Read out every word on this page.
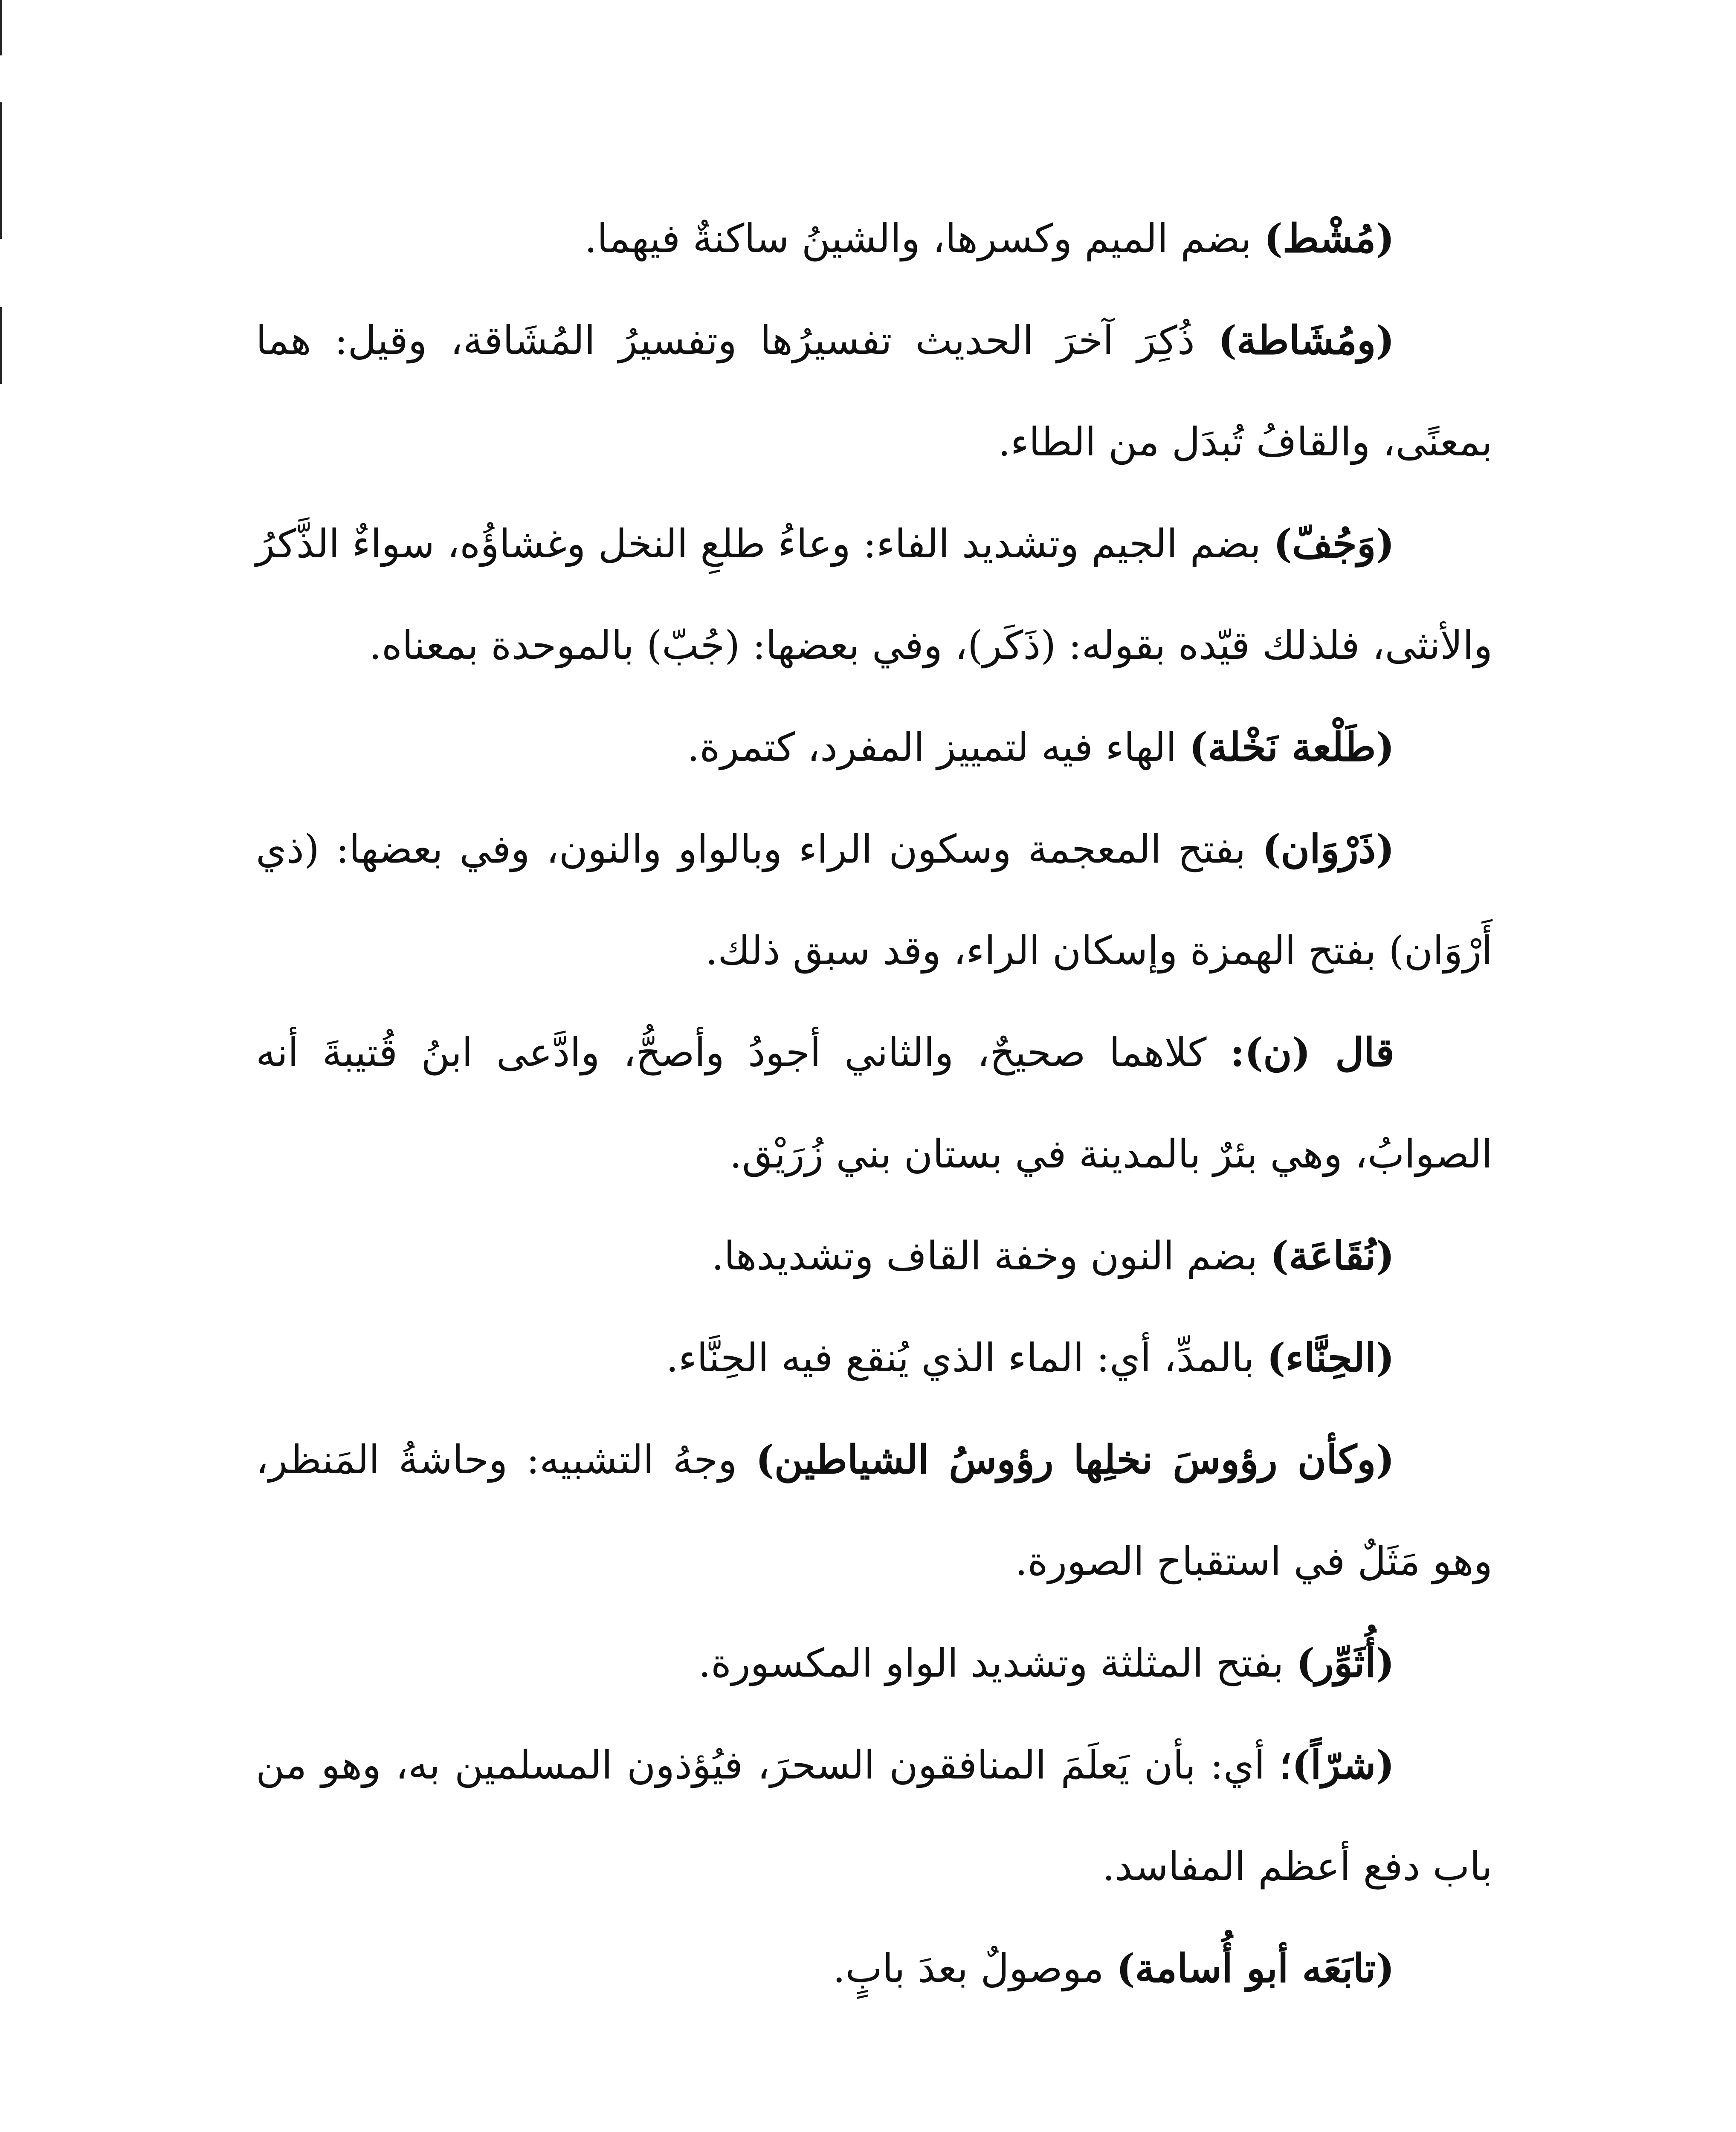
(مُشْط) بضم الميم وكسرها، والشينُ ساكنةٌ فيهما.

(ومُشَاطة) ذُكِرَ آخرَ الحديث تفسيرُها وتفسيرُ المُشَاقة، وقيل: هما بمعنًى، والقافُ تُبدَل من الطاء.

(وَجُفّ) بضم الجيم وتشديد الفاء: وعاءُ طلعِ النخل وغشاؤُه، سواءٌ الذَّكرُ والأنثى، فلذلك قيّده بقوله: (ذَكَر)، وفي بعضها: (جُبّ) بالموحدة بمعناه.

(طَلْعة نَخْلة) الهاء فيه لتمييز المفرد، كتمرة.

(ذَرْوَان) بفتح المعجمة وسكون الراء وبالواو والنون، وفي بعضها: (ذي أَرْوَان) بفتح الهمزة وإسكان الراء، وقد سبق ذلك.

قال (ن): كلاهما صحيحٌ، والثاني أجودُ وأصحُّ، وادَّعى ابنُ قُتيبةَ أنه الصوابُ، وهي بئرٌ بالمدينة في بستان بني زُرَيْق.

(نُقَاعَة) بضم النون وخفة القاف وتشديدها.

(الحِنَّاء) بالمدِّ، أي: الماء الذي يُنقع فيه الحِنَّاء.

(وكأن رؤوسَ نخلِها رؤوسُ الشياطين) وجهُ التشبيه: وحاشةُ المَنظر، وهو مَثَلٌ في استقباح الصورة.

(أُثَوِّر) بفتح المثلثة وتشديد الواو المكسورة.

(شرّاً)؛ أي: بأن يَعلَمَ المنافقون السحرَ، فيُؤذون المسلمين به، وهو من باب دفع أعظم المفاسد.

(تابَعَه أبو أُسامة) موصولٌ بعدَ بابٍ.
